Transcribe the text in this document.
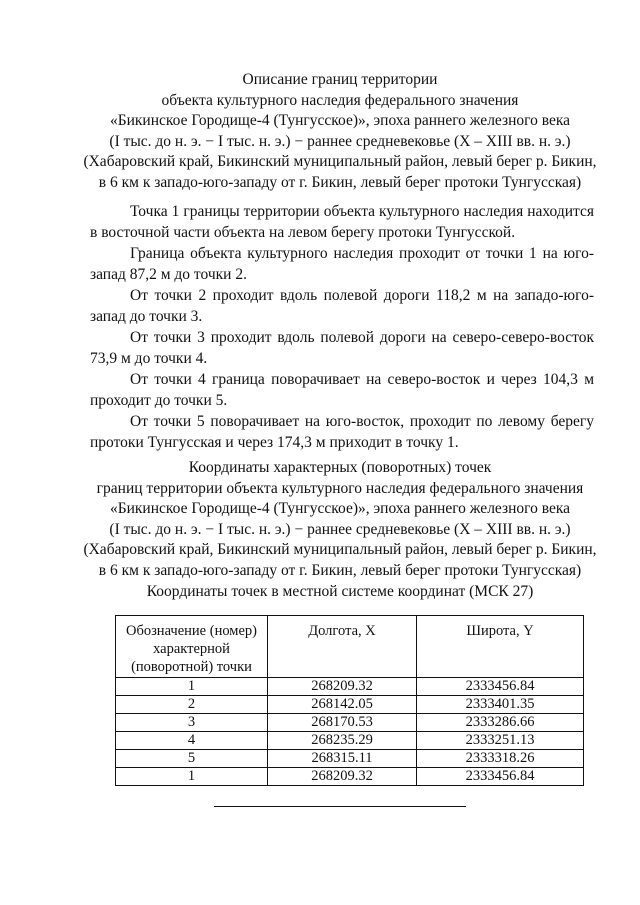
Описание границ территории
объекта культурного наследия федерального значения
«Бикинское Городище-4 (Тунгусское)», эпоха раннего железного века
(I тыс. до н. э. − I тыс. н. э.) − раннее средневековье (X – XIII вв. н. э.)
(Хабаровский край, Бикинский муниципальный район, левый берег р. Бикин,
в 6 км к западо-юго-западу от г. Бикин, левый берег протоки Тунгусская)

Точка 1 границы территории объекта культурного наследия находится в восточной части объекта на левом берегу протоки Тунгусской.

Граница объекта культурного наследия проходит от точки 1 на юго-запад 87,2 м до точки 2.

От точки 2 проходит вдоль полевой дороги 118,2 м на западо-юго-запад до точки 3.

От точки 3 проходит вдоль полевой дороги на северо-северо-восток 73,9 м до точки 4.

От точки 4 граница поворачивает на северо-восток и через 104,3 м проходит до точки 5.

От точки 5 поворачивает на юго-восток, проходит по левому берегу протоки Тунгусская и через 174,3 м приходит в точку 1.

Координаты характерных (поворотных) точек
границ территории объекта культурного наследия федерального значения
«Бикинское Городище-4 (Тунгусское)», эпоха раннего железного века
(I тыс. до н. э. − I тыс. н. э.) − раннее средневековье (X – XIII вв. н. э.)
(Хабаровский край, Бикинский муниципальный район, левый берег р. Бикин,
в 6 км к западо-юго-западу от г. Бикин, левый берег протоки Тунгусская)
Координаты точек в местной системе координат (МСК 27)
Обозначение (номер) характерной (поворотной) точки	Долгота, X	Широта, Y
1	268209.32	2333456.84
2	268142.05	2333401.35
3	268170.53	2333286.66
4	268235.29	2333251.13
5	268315.11	2333318.26
1	268209.32	2333456.84
